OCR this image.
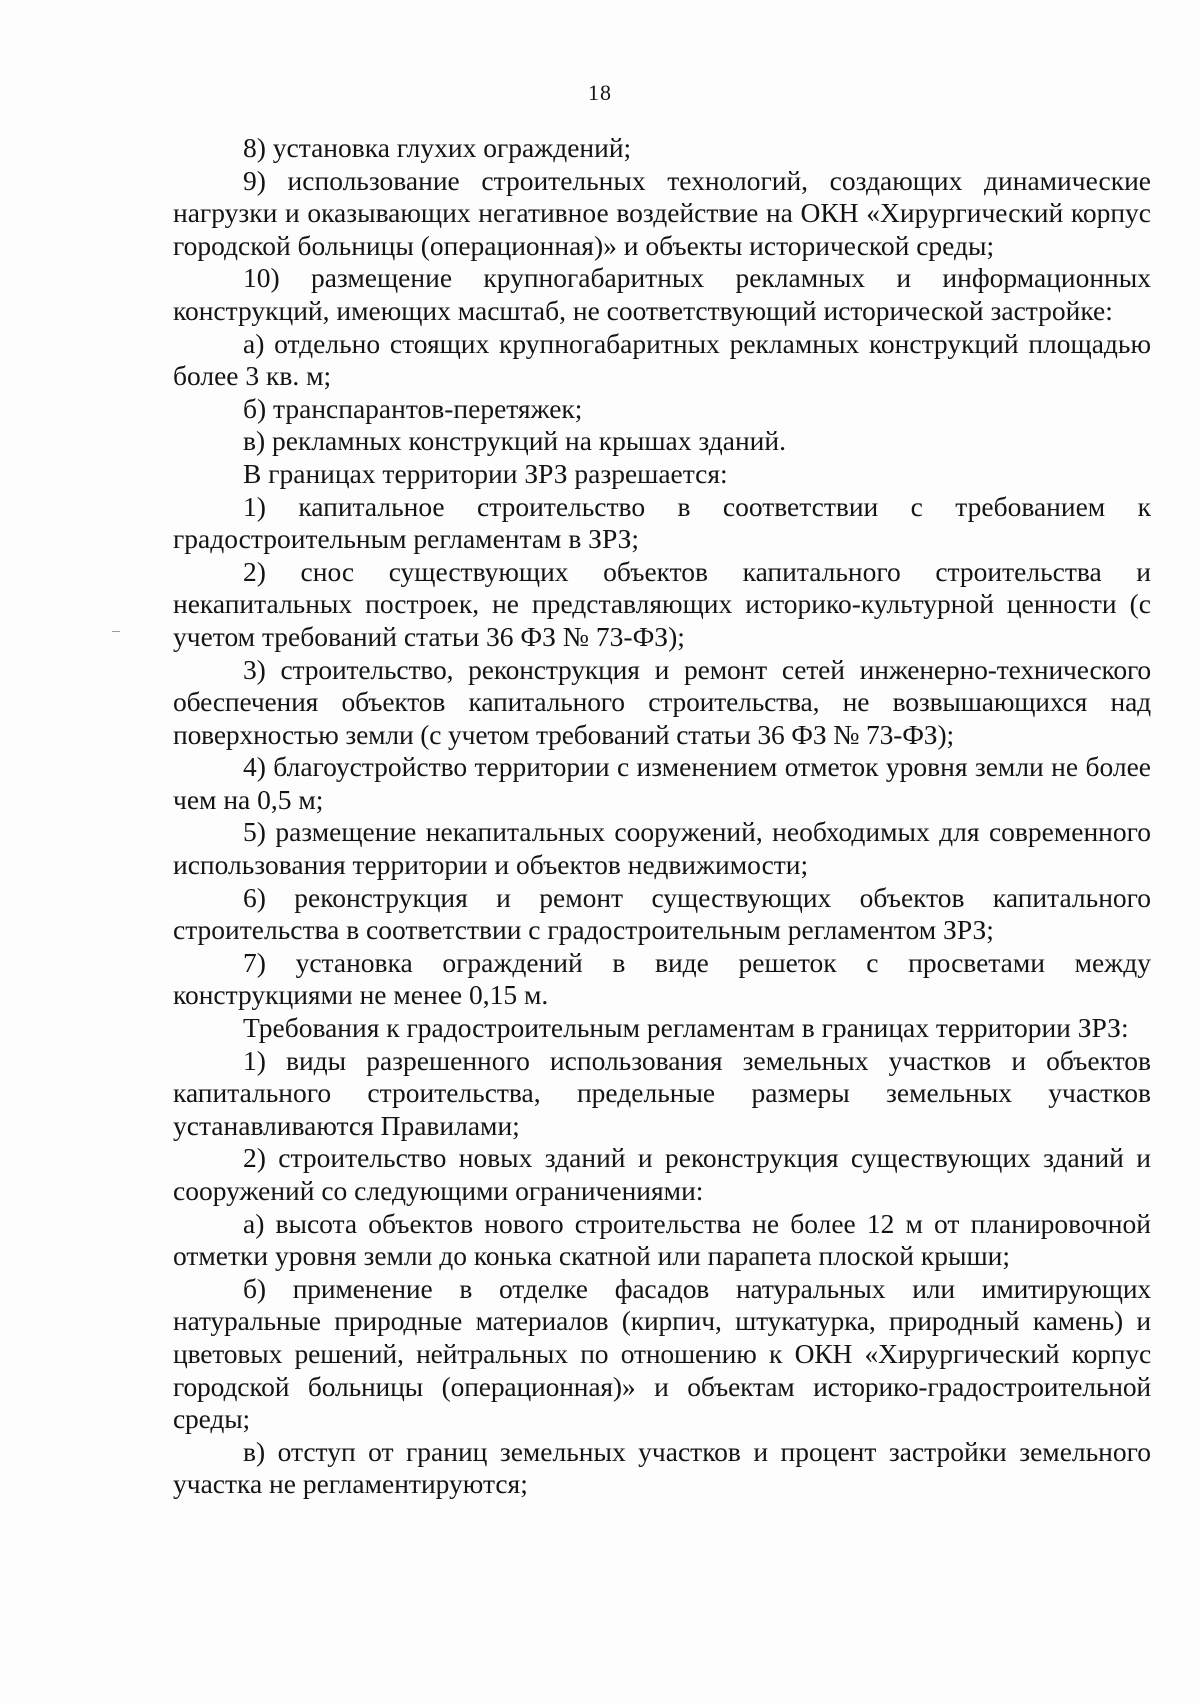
18

8) установка глухих ограждений;

9) использование строительных технологий, создающих динамические нагрузки и оказывающих негативное воздействие на ОКН «Хирургический корпус городской больницы (операционная)» и объекты исторической среды;

10) размещение крупногабаритных рекламных и информационных конструкций, имеющих масштаб, не соответствующий исторической застройке:

а) отдельно стоящих крупногабаритных рекламных конструкций площадью более 3 кв. м;

б) транспарантов-перетяжек;

в) рекламных конструкций на крышах зданий.

В границах территории ЗРЗ разрешается:

1) капитальное строительство в соответствии с требованием к градостроительным регламентам в ЗРЗ;

2) снос существующих объектов капитального строительства и некапитальных построек, не представляющих историко-культурной ценности (с учетом требований статьи 36 ФЗ № 73-ФЗ);

3) строительство, реконструкция и ремонт сетей инженерно-технического обеспечения объектов капитального строительства, не возвышающихся над поверхностью земли (с учетом требований статьи 36 ФЗ № 73-ФЗ);

4) благоустройство территории с изменением отметок уровня земли не более чем на 0,5 м;

5) размещение некапитальных сооружений, необходимых для современного использования территории и объектов недвижимости;

6) реконструкция и ремонт существующих объектов капитального строительства в соответствии с градостроительным регламентом ЗРЗ;

7) установка ограждений в виде решеток с просветами между конструкциями не менее 0,15 м.

Требования к градостроительным регламентам в границах территории ЗРЗ:

1) виды разрешенного использования земельных участков и объектов капитального строительства, предельные размеры земельных участков устанавливаются Правилами;

2) строительство новых зданий и реконструкция существующих зданий и сооружений со следующими ограничениями:

а) высота объектов нового строительства не более 12 м от планировочной отметки уровня земли до конька скатной или парапета плоской крыши;

б) применение в отделке фасадов натуральных или имитирующих натуральные природные материалов (кирпич, штукатурка, природный камень) и цветовых решений, нейтральных по отношению к ОКН «Хирургический корпус городской больницы (операционная)» и объектам историко-градостроительной среды;

в) отступ от границ земельных участков и процент застройки земельного участка не регламентируются;
